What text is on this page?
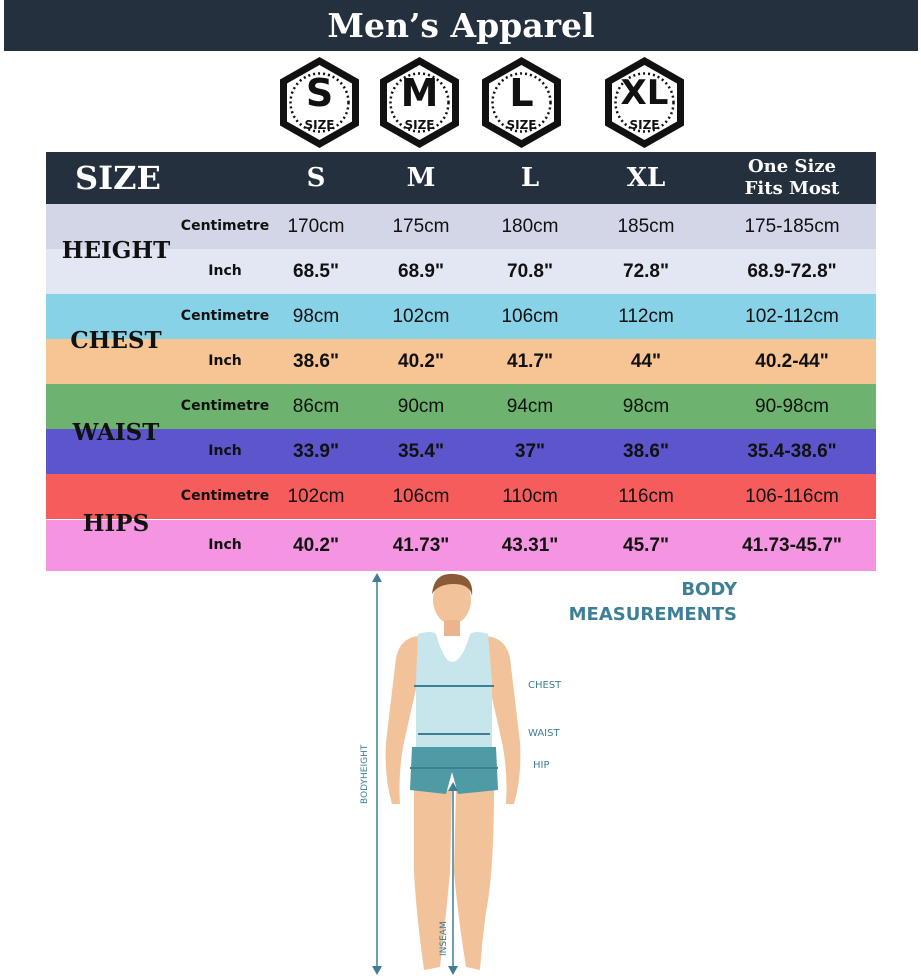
Men’s Apparel
S
SIZE
M
SIZE
L
SIZE
XL
SIZE
SIZE	S	M	L	XL	One Size
Fits Most
Centimetre 170cm	175cm	180cm	185cm	175-185cm
Inch	68.5"	68.9"	70.8"	72.8"	68.9-72.8"
Centimetre	98cm	102cm	106cm	112cm	102-112cm
Inch	38.6"	40.2"	41.7"	44"	40.2-44"
Centimetre	86cm	90cm	94cm	98cm	90-98cm
Inch	33.9"	35.4"	37"	38.6"	35.4-38.6"
Centimetre 102cm	106cm	110cm	116cm	106-116cm
Inch	40.2"	41.73"	43.31"	45.7"	41.73-45.7"
HEIGHT
CHEST
WAIST
HIPS
BODY
MEASUREMENTS
CHEST
WAIST
HIP
BODYHEIGHT
INSEAM
